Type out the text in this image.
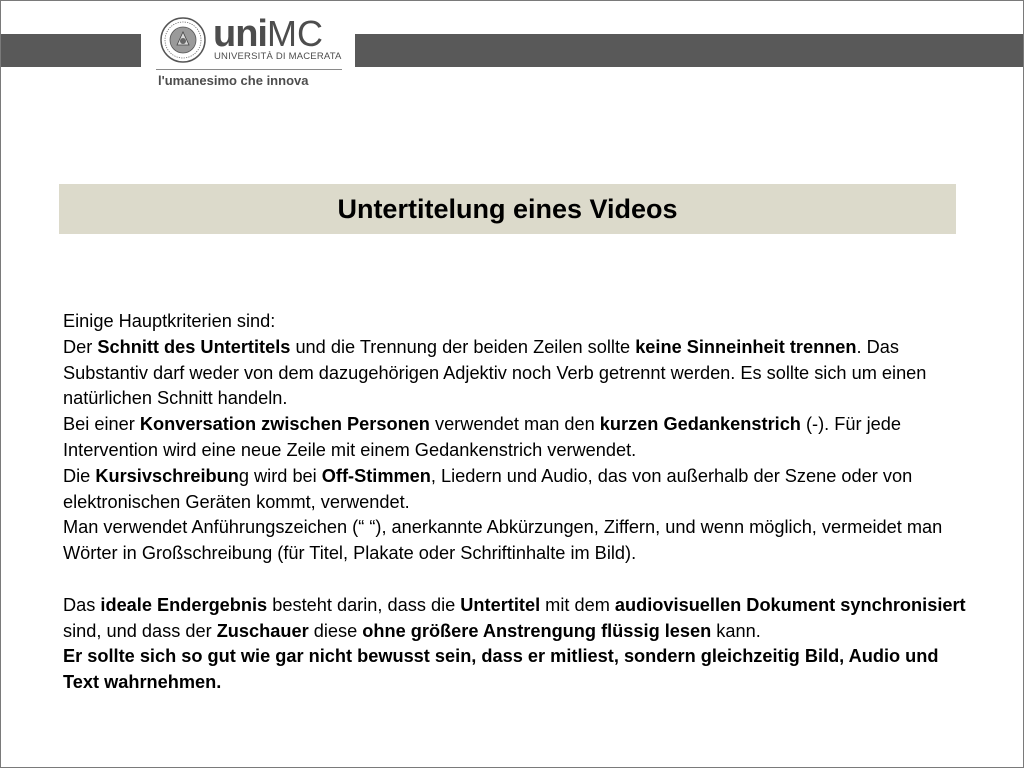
uniMC
UNIVERSITÀ DI MACERATA
l'umanesimo che innova
Untertitelung eines Videos

Einige Hauptkriterien sind:

Der Schnitt des Untertitels und die Trennung der beiden Zeilen sollte keine Sinneinheit trennen. Das Substantiv darf weder von dem dazugehörigen Adjektiv noch Verb getrennt werden. Es sollte sich um einen natürlichen Schnitt handeln.

Bei einer Konversation zwischen Personen verwendet man den kurzen Gedankenstrich (-). Für jede Intervention wird eine neue Zeile mit einem Gedankenstrich verwendet.

Die Kursivschreibung wird bei Off-Stimmen, Liedern und Audio, das von außerhalb der Szene oder von elektronischen Geräten kommt, verwendet.

Man verwendet Anführungszeichen (“ “), anerkannte Abkürzungen, Ziffern, und wenn möglich, vermeidet man Wörter in Großschreibung (für Titel, Plakate oder Schriftinhalte im Bild).

Das ideale Endergebnis besteht darin, dass die Untertitel mit dem audiovisuellen Dokument synchronisiert sind, und dass der Zuschauer diese ohne größere Anstrengung flüssig lesen kann.

Er sollte sich so gut wie gar nicht bewusst sein, dass er mitliest, sondern gleichzeitig Bild, Audio und Text wahrnehmen.
